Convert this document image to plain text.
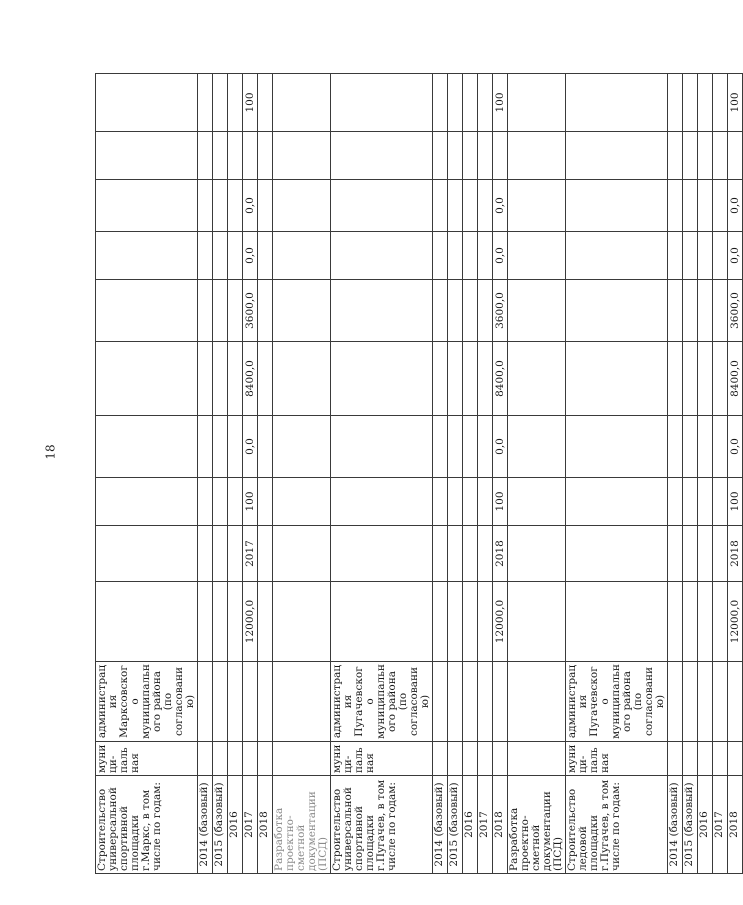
18
Строительство универсальной спортивной площадки г.Маркс, в том числе по годам:	муници-пальная	администрация Марксовского муниципального района (по согласованию)										
2014 (базовый)												
2015 (базовый)												
2016												
2017			12000,0	2017	100	0,0	8400,0	3600,0	0,0	0,0		100
2018												
Разработка проектно-сметной документации (ПСД)												
Строительство универсальной спортивной площадки г.Пугачев, в том числе по годам:	муници-пальная	администрация Пугачевского муниципального района (по согласованию)										
2014 (базовый)												
2015 (базовый)												
2016												
2017												
2018			12000,0	2018	100	0,0	8400,0	3600,0	0,0	0,0		100
Разработка проектно-сметной документации (ПСД)												
Строительство ледовой площадки г.Пугачев, в том числе по годам:	муници-пальная	администрация Пугачевского муниципального района (по согласованию)										
2014 (базовый)												
2015 (базовый)												
2016												
2017												
2018			12000,0	2018	100	0,0	8400,0	3600,0	0,0	0,0		100
